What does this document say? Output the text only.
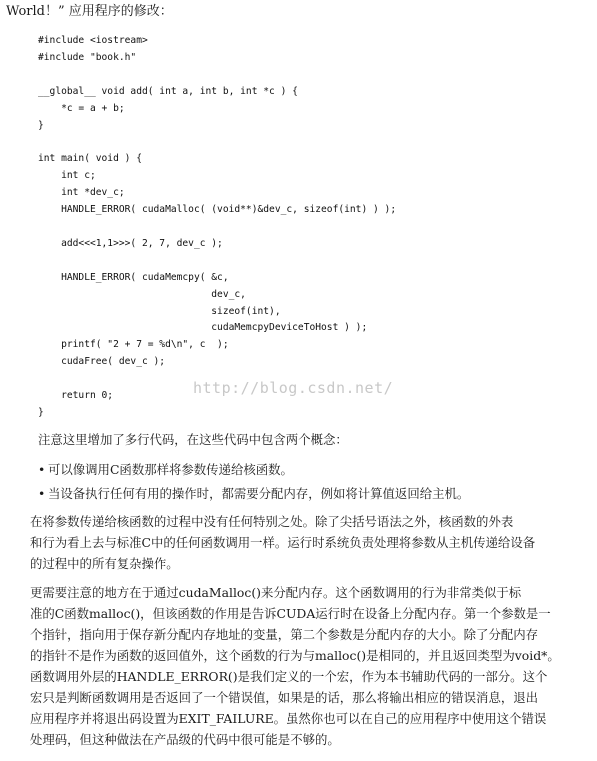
World！” 应用程序的修改：
#include <iostream>
#include "book.h"

__global__ void add( int a, int b, int *c ) {
*c = a + b;
}

int main( void ) {
int c;
int *dev_c;
HANDLE_ERROR( cudaMalloc( (void**)&dev_c, sizeof(int) ) );

add<<<1,1>>>( 2, 7, dev_c );

HANDLE_ERROR( cudaMemcpy( &c,
dev_c,
sizeof(int),
cudaMemcpyDeviceToHost ) );
printf( "2 + 7 = %d\n", c  );
cudaFree( dev_c );

return 0;
}
http://blog.csdn.net/
注意这里增加了多行代码，在这些代码中包含两个概念：
• 可以像调用C函数那样将参数传递给核函数。
• 当设备执行任何有用的操作时，都需要分配内存，例如将计算值返回给主机。
在将参数传递给核函数的过程中没有任何特别之处。除了尖括号语法之外，核函数的外表
和行为看上去与标准C中的任何函数调用一样。运行时系统负责处理将参数从主机传递给设备
的过程中的所有复杂操作。
更需要注意的地方在于通过cudaMalloc()来分配内存。这个函数调用的行为非常类似于标
准的C函数malloc()，但该函数的作用是告诉CUDA运行时在设备上分配内存。第一个参数是一
个指针，指向用于保存新分配内存地址的变量，第二个参数是分配内存的大小。除了分配内存
的指针不是作为函数的返回值外，这个函数的行为与malloc()是相同的，并且返回类型为void*。
函数调用外层的HANDLE_ERROR()是我们定义的一个宏，作为本书辅助代码的一部分。这个
宏只是判断函数调用是否返回了一个错误值，如果是的话，那么将输出相应的错误消息，退出
应用程序并将退出码设置为EXIT_FAILURE。虽然你也可以在自己的应用程序中使用这个错误
处理码，但这种做法在产品级的代码中很可能是不够的。
